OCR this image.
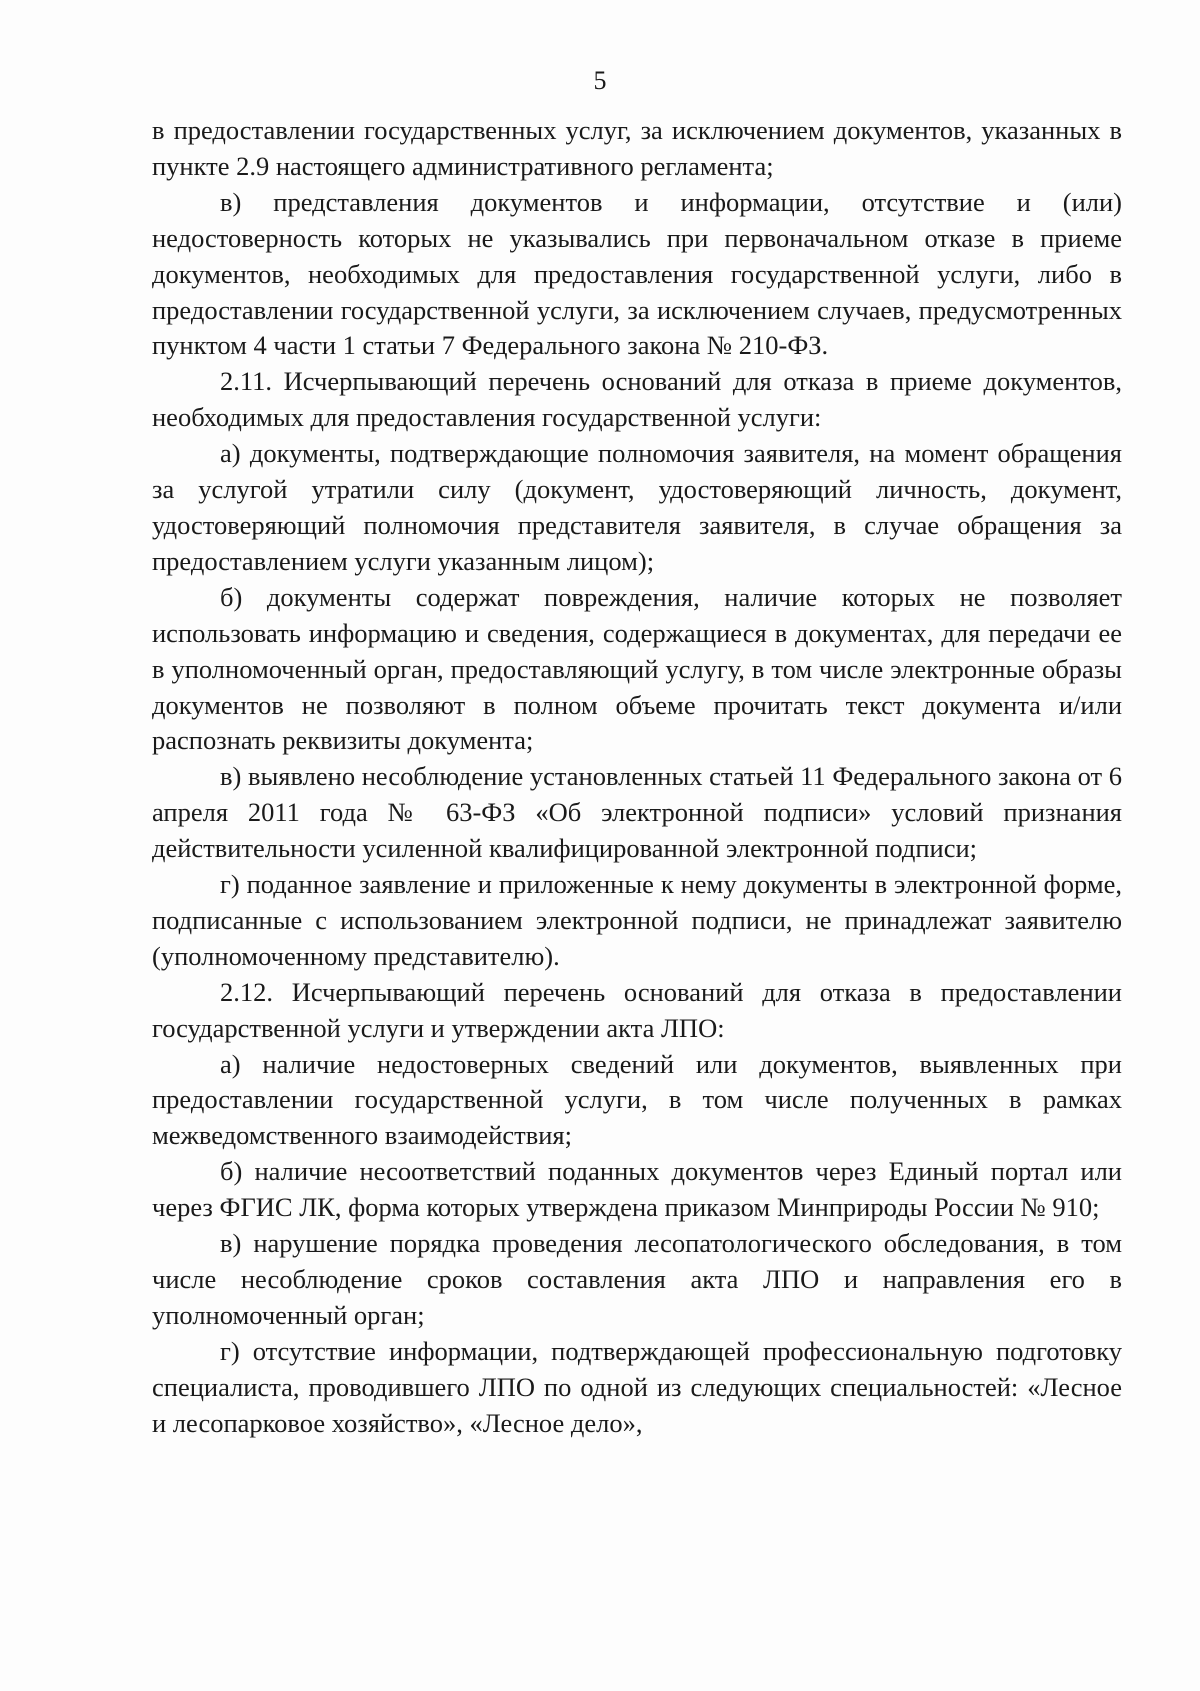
5

в предоставлении государственных услуг, за исключением документов, указанных в пункте 2.9 настоящего административного регламента;

в) представления документов и информации, отсутствие и (или) недостоверность которых не указывались при первоначальном отказе в приеме документов, необходимых для предоставления государственной услуги, либо в предоставлении государственной услуги, за исключением случаев, предусмотренных пунктом 4 части 1 статьи 7 Федерального закона № 210-ФЗ.

2.11. Исчерпывающий перечень оснований для отказа в приеме документов, необходимых для предоставления государственной услуги:

а) документы, подтверждающие полномочия заявителя, на момент обращения за услугой утратили силу (документ, удостоверяющий личность, документ, удостоверяющий полномочия представителя заявителя, в случае обращения за предоставлением услуги указанным лицом);

б) документы содержат повреждения, наличие которых не позволяет использовать информацию и сведения, содержащиеся в документах, для передачи ее в уполномоченный орган, предоставляющий услугу, в том числе электронные образы документов не позволяют в полном объеме прочитать текст документа и/или распознать реквизиты документа;

в) выявлено несоблюдение установленных статьей 11 Федерального закона от 6 апреля 2011 года № 63-ФЗ «Об электронной подписи» условий признания действительности усиленной квалифицированной электронной подписи;

г) поданное заявление и приложенные к нему документы в электронной форме, подписанные с использованием электронной подписи, не принадлежат заявителю (уполномоченному представителю).

2.12. Исчерпывающий перечень оснований для отказа в предоставлении государственной услуги и утверждении акта ЛПО:

а) наличие недостоверных сведений или документов, выявленных при предоставлении государственной услуги, в том числе полученных в рамках межведомственного взаимодействия;

б) наличие несоответствий поданных документов через Единый портал или через ФГИС ЛК, форма которых утверждена приказом Минприроды России № 910;

в) нарушение порядка проведения лесопатологического обследования, в том числе несоблюдение сроков составления акта ЛПО и направления его в уполномоченный орган;

г) отсутствие информации, подтверждающей профессиональную подготовку специалиста, проводившего ЛПО по одной из следующих специальностей: «Лесное и лесопарковое хозяйство», «Лесное дело»,
